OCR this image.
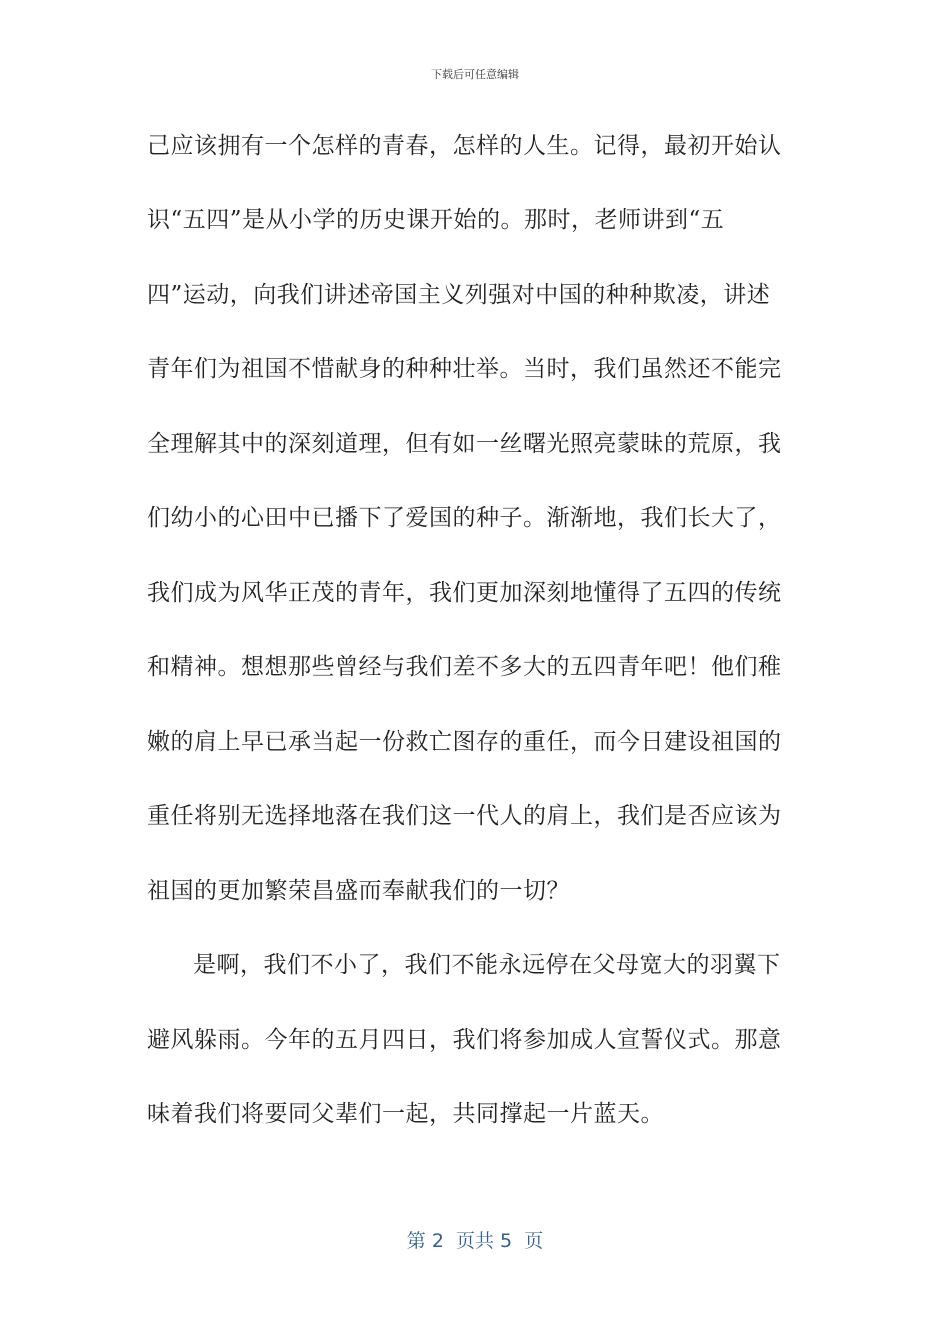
下载后可任意编辑
己应该拥有一个怎样的青春，怎样的人生。记得，最初开始认
识“五四”是从小学的历史课开始的。那时，老师讲到“五
四”运动，向我们讲述帝国主义列强对中国的种种欺凌，讲述
青年们为祖国不惜献身的种种壮举。当时，我们虽然还不能完
全理解其中的深刻道理，但有如一丝曙光照亮蒙昧的荒原，我
们幼小的心田中已播下了爱国的种子。渐渐地，我们长大了，
我们成为风华正茂的青年，我们更加深刻地懂得了五四的传统
和精神。想想那些曾经与我们差不多大的五四青年吧！他们稚
嫩的肩上早已承当起一份救亡图存的重任，而今日建设祖国的
重任将别无选择地落在我们这一代人的肩上，我们是否应该为
祖国的更加繁荣昌盛而奉献我们的一切？
是啊，我们不小了，我们不能永远停在父母宽大的羽翼下
避风躲雨。今年的五月四日，我们将参加成人宣誓仪式。那意
味着我们将要同父辈们一起，共同撑起一片蓝天。
第 2  页共 5  页
